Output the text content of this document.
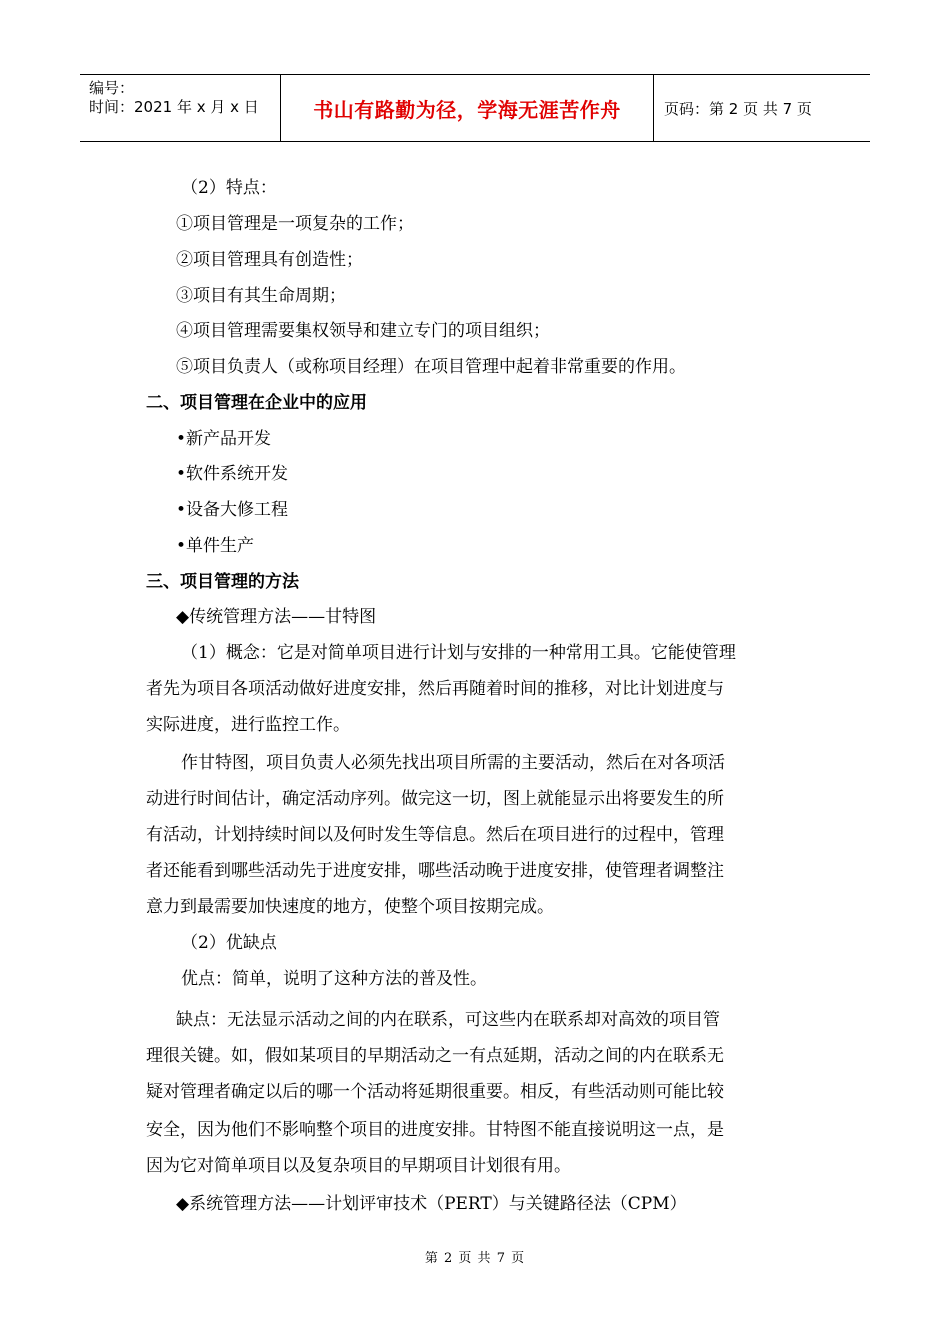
编号：
时间：2021 年 x 月 x 日	书山有路勤为径，学海无涯苦作舟	页码：第 2 页 共 7 页
（2）特点：
①项目管理是一项复杂的工作；
②项目管理具有创造性；
③项目有其生命周期；
④项目管理需要集权领导和建立专门的项目组织；
⑤项目负责人（或称项目经理）在项目管理中起着非常重要的作用。
二、项目管理在企业中的应用
•新产品开发
•软件系统开发
•设备大修工程
•单件生产
三、项目管理的方法
◆传统管理方法——甘特图
（1）概念：它是对简单项目进行计划与安排的一种常用工具。它能使管理
者先为项目各项活动做好进度安排，然后再随着时间的推移，对比计划进度与
实际进度，进行监控工作。
作甘特图，项目负责人必须先找出项目所需的主要活动，然后在对各项活
动进行时间估计，确定活动序列。做完这一切，图上就能显示出将要发生的所
有活动，计划持续时间以及何时发生等信息。然后在项目进行的过程中，管理
者还能看到哪些活动先于进度安排，哪些活动晚于进度安排，使管理者调整注
意力到最需要加快速度的地方，使整个项目按期完成。
（2）优缺点
优点：简单，说明了这种方法的普及性。
缺点：无法显示活动之间的内在联系，可这些内在联系却对高效的项目管
理很关键。如，假如某项目的早期活动之一有点延期，活动之间的内在联系无
疑对管理者确定以后的哪一个活动将延期很重要。相反，有些活动则可能比较
安全，因为他们不影响整个项目的进度安排。甘特图不能直接说明这一点，是
因为它对简单项目以及复杂项目的早期项目计划很有用。
◆系统管理方法——计划评审技术（PERT）与关键路径法（CPM）
第 2 页 共 7 页
